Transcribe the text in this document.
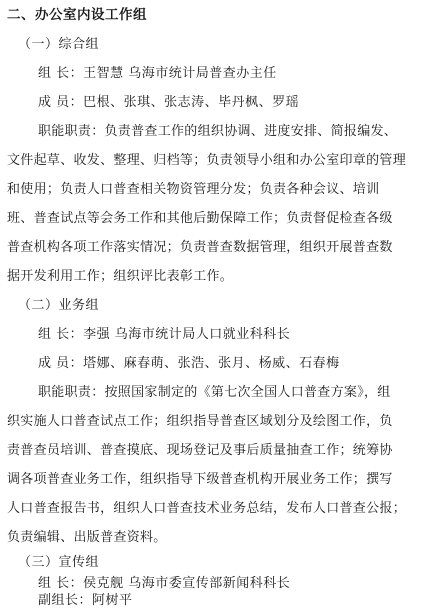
二、办公室内设工作组
（一）综合组
组 长：王智慧 乌海市统计局普查办主任
成 员：巴根、张琪、张志涛、毕丹枫、罗瑶
职能职责：负责普查工作的组织协调、进度安排、简报编发、
文件起草、收发、整理、归档等；负责领导小组和办公室印章的管理
和使用；负责人口普查相关物资管理分发；负责各种会议、培训
班、普查试点等会务工作和其他后勤保障工作；负责督促检查各级
普查机构各项工作落实情况；负责普查数据管理，组织开展普查数
据开发利用工作；组织评比表彰工作。
（二）业务组
组 长：李强 乌海市统计局人口就业科科长
成 员：塔娜、麻春萌、张浩、张月、杨威、石春梅
职能职责：按照国家制定的《第七次全国人口普查方案》，组
织实施人口普查试点工作；组织指导普查区域划分及绘图工作，负
责普查员培训、普查摸底、现场登记及事后质量抽查工作；统筹协
调各项普查业务工作，组织指导下级普查机构开展业务工作；撰写
人口普查报告书，组织人口普查技术业务总结，发布人口普查公报；
负责编辑、出版普查资料。
（三）宣传组
组 长：侯克舰 乌海市委宣传部新闻科科长
副组长：阿树平
